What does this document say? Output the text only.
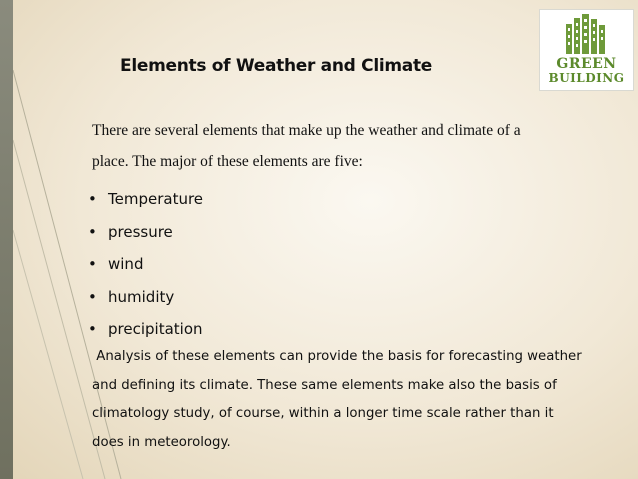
Elements of Weather and Climate	GREEN
BUILDING
There are several elements that make up the weather and climate of a
place. The major of these elements are five:
• Temperature
• pressure
• wind
• humidity
• precipitation
Analysis of these elements can provide the basis for forecasting weather
and defining its climate. These same elements make also the basis of
climatology study, of course, within a longer time scale rather than it
does in meteorology.
